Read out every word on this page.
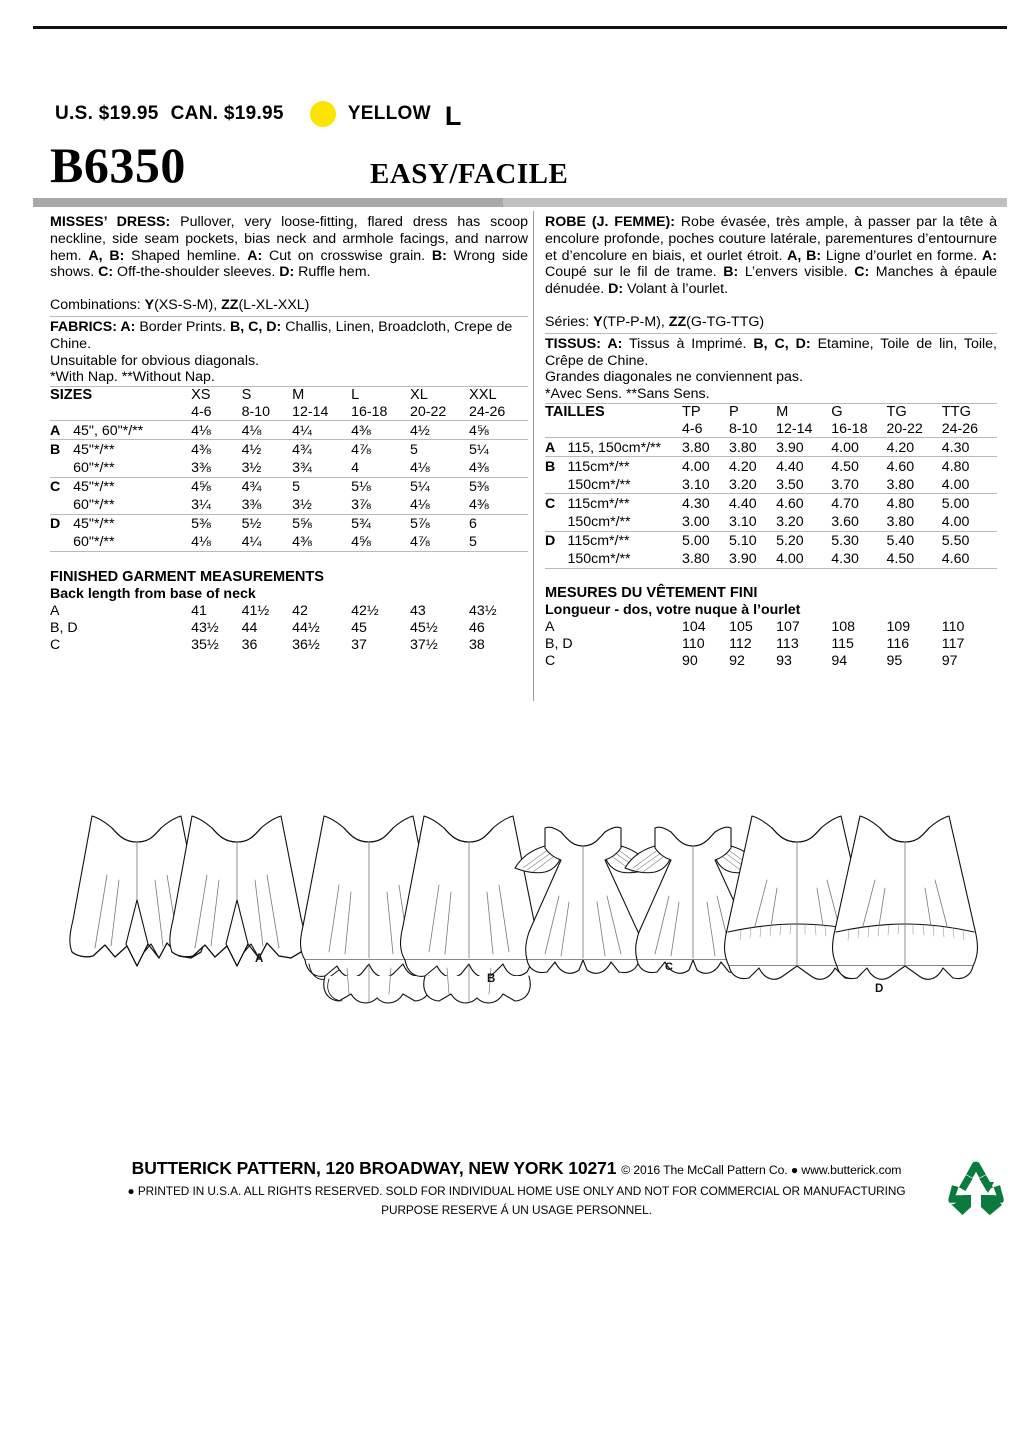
U.S. $19.95 CAN. $19.95	YELLOW L
B6350	EASY/FACILE
MISSES’ DRESS: Pullover, very loose-fitting, flared dress has scoop neckline, side seam pockets, bias neck and armhole facings, and narrow hem. A, B: Shaped hemline. A: Cut on crosswise grain. B: Wrong side shows. C: Off-the-shoulder sleeves. D: Ruffle hem.
Combinations: Y(XS-S-M), ZZ(L-XL-XXL)
FABRICS: A: Border Prints. B, C, D: Challis, Linen, Broadcloth, Crepe de Chine.
Unsuitable for obvious diagonals.
*With Nap. **Without Nap.
SIZES		XS	S	M	L	XL	XXL
		4-6	8-10	12-14	16-18	20-22	24-26
A	45", 60"*/**	4⅛	4⅛	4¼	4⅜	4½	4⅝
B	45"*/**	4⅜	4½	4¾	4⅞	5	5¼
	60"*/**	3⅜	3½	3¾	4	4⅛	4⅜
C	45"*/**	4⅝	4¾	5	5⅛	5¼	5⅜
	60"*/**	3¼	3⅜	3½	3⅞	4⅛	4⅜
D	45"*/**	5⅜	5½	5⅝	5¾	5⅞	6
	60"*/**	4⅛	4¼	4⅜	4⅝	4⅞	5

FINISHED GARMENT MEASUREMENTS
Back length from base of neck
A	41	41½	42	42½	43	43½
B, D	43½	44	44½	45	45½	46
C	35½	36	36½	37	37½	38
ROBE (J. FEMME): Robe évasée, très ample, à passer par la tête à encolure profonde, poches couture latérale, parementures d’entournure et d’encolure en biais, et ourlet étroit. A, B: Ligne d’ourlet en forme. A: Coupé sur le fil de trame. B: L’envers visible. C: Manches à épaule dénudée. D: Volant à l’ourlet.
Séries: Y(TP-P-M), ZZ(G-TG-TTG)
TISSUS: A: Tissus à Imprimé. B, C, D: Etamine, Toile de lin, Toile, Crêpe de Chine.
Grandes diagonales ne conviennent pas.
*Avec Sens. **Sans Sens.
TAILLES		TP	P	M	G	TG	TTG
		4-6	8-10	12-14	16-18	20-22	24-26
A	115, 150cm*/**	3.80	3.80	3.90	4.00	4.20	4.30
B	115cm*/**	4.00	4.20	4.40	4.50	4.60	4.80
	150cm*/**	3.10	3.20	3.50	3.70	3.80	4.00
C	115cm*/**	4.30	4.40	4.60	4.70	4.80	5.00
	150cm*/**	3.00	3.10	3.20	3.60	3.80	4.00
D	115cm*/**	5.00	5.10	5.20	5.30	5.40	5.50
	150cm*/**	3.80	3.90	4.00	4.30	4.50	4.60

MESURES DU VÊTEMENT FINI
Longueur - dos, votre nuque à l’ourlet
A	104	105	107	108	109	110
B, D	110	112	113	115	116	117
C	90	92	93	94	95	97
A
B
C
D
BUTTERICK PATTERN, 120 BROADWAY, NEW YORK 10271 © 2016 The McCall Pattern Co. ● www.butterick.com
● PRINTED IN U.S.A. ALL RIGHTS RESERVED. SOLD FOR INDIVIDUAL HOME USE ONLY AND NOT FOR COMMERCIAL OR MANUFACTURING
PURPOSE RESERVE Á UN USAGE PERSONNEL.
